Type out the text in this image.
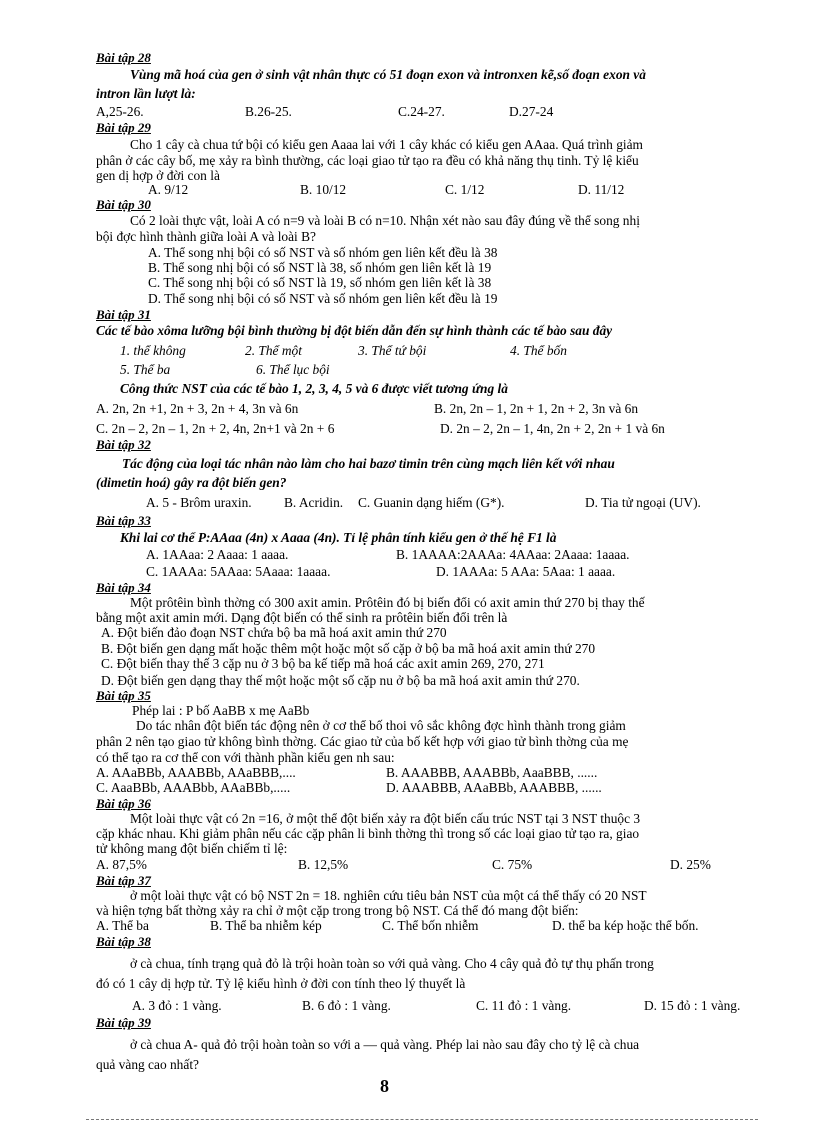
Bài tập 28
Vùng mã hoá của gen ở sinh vật nhân thực có 51 đoạn exon và intronxen kẽ,số đoạn exon và
intron lần lượt là:
A,25-26.	B.26-25.	C.24-27.	D.27-24
Bài tập 29
Cho 1 cây cà chua tứ bội có kiểu gen Aaaa lai với 1 cây khác có kiểu gen AAaa. Quá trình giảm
phân ở các cây bố, mẹ xảy ra bình thường, các loại giao tử tạo ra đều có khả năng thụ tinh. Tỷ lệ kiểu
gen dị hợp ở đời con là
A. 9/12	B. 10/12	C. 1/12	D. 11/12
Bài tập 30
Có 2 loài thực vật, loài A có n=9 và loài B có n=10. Nhận xét nào sau đây đúng về thể song nhị
bội đợc hình thành giữa loài A và loài B?
A. Thể song nhị bội có số NST và số nhóm gen liên kết đều là 38
B. Thể song nhị bội có số NST là 38, số nhóm gen liên kết là 19
C. Thể song nhị bội có số NST là 19, số nhóm gen liên kết là 38
D. Thể song nhị bội có số NST và số nhóm gen liên kết đều là 19
Bài tập 31
Các tế bào xôma lưỡng bội bình thường bị đột biến dẫn đến sự hình thành các tế bào sau đây
1. thể không	2. Thể một	3. Thể tứ bội	4. Thể bốn
5. Thể ba	6. Thể lục bội
Công thức NST của các tế bào 1, 2, 3, 4, 5 và 6 được viết tương ứng là
A. 2n, 2n +1, 2n + 3, 2n + 4, 3n và 6n	B. 2n, 2n – 1, 2n + 1, 2n + 2, 3n và 6n
C. 2n – 2, 2n – 1, 2n + 2, 4n, 2n+1 và 2n + 6	D. 2n – 2, 2n – 1, 4n, 2n + 2, 2n + 1 và 6n
Bài tập 32
Tác động của loại tác nhân nào làm cho hai bazơ timin trên cùng mạch liên kết với nhau
(dimetin hoá) gây ra đột biến gen?
A. 5 - Brôm uraxin. B. Acridin. C. Guanin dạng hiếm (G*).	D. Tia tử ngoại (UV).
Bài tập 33
Khi lai cơ thể P:AAaa (4n) x Aaaa (4n). Tỉ lệ phân tính kiểu gen ở thế hệ F1 là
A. 1AAaa: 2 Aaaa: 1 aaaa.	B. 1AAAA:2AAAa: 4AAaa: 2Aaaa: 1aaaa.
C. 1AAAa: 5AAaa: 5Aaaa: 1aaaa.	D. 1AAAa: 5 AAa: 5Aaa: 1 aaaa.
Bài tập 34
Một prôtêin bình thờng có 300 axit amin. Prôtêin đó bị biến đổi có axit amin thứ 270 bị thay thế
bằng một axit amin mới. Dạng đột biến có thể sinh ra prôtêin biến đổi trên là
A. Đột biến đảo đoạn NST chứa bộ ba mã hoá axit amin thứ 270
B. Đột biến gen dạng mất hoặc thêm một hoặc một số cặp ở bộ ba mã hoá axit amin thứ 270
C. Đột biến thay thế 3 cặp nu ở 3 bộ ba kế tiếp mã hoá các axit amin 269, 270, 271
D. Đột biến gen dạng thay thế một hoặc một số cặp nu ở bộ ba mã hoá axit amin thứ 270.
Bài tập 35
Phép lai : P bố AaBB x mẹ AaBb
Do tác nhân đột biến tác động nên ở cơ thể bố thoi vô sắc không đợc hình thành trong giảm
phân 2 nên tạo giao tử không bình thờng. Các giao tử của bố kết hợp với giao tử bình thờng của mẹ
có thể tạo ra cơ thể con với thành phần kiểu gen nh sau:
A. AAaBBb, AAABBb, AAaBBB,....	B. AAABBB, AAABBb, AaaBBB, ......
C. AaaBBb, AAABbb, AAaBBb,.....	D. AAABBB, AAaBBb, AAABBB, ......
Bài tập 36
Một loài thực vật có 2n =16, ở một thể đột biến xảy ra đột biến cấu trúc NST tại 3 NST thuộc 3
cặp khác nhau. Khi giảm phân nếu các cặp phân li bình thờng thì trong số các loại giao tử tạo ra, giao
tử không mang đột biến chiếm tỉ lệ:
A. 87,5%	B. 12,5%	C. 75%	D. 25%
Bài tập 37
ở một loài thực vật có bộ NST 2n = 18. nghiên cứu tiêu bản NST của một cá thể thấy có 20 NST
và hiện tợng bất thờng xảy ra chỉ ở một cặp trong trong bộ NST. Cá thể đó mang đột biến:
A. Thể ba	B. Thể ba nhiễm kép	C. Thể bốn nhiễm	D. thể ba kép hoặc thể bốn.
Bài tập 38
ở cà chua, tính trạng quả đỏ là trội hoàn toàn so với quả vàng. Cho 4 cây quả đỏ tự thụ phấn trong
đó có 1 cây dị hợp tử. Tỷ lệ kiểu hình ở đời con tính theo lý thuyết là
A. 3 đỏ : 1 vàng.	B. 6 đỏ : 1 vàng.	C. 11 đỏ : 1 vàng.	D. 15 đỏ : 1 vàng.
Bài tập 39
ở cà chua A- quả đỏ trội hoàn toàn so với a — quả vàng. Phép lai nào sau đây cho tỷ lệ cà chua
quả vàng cao nhất?
8
